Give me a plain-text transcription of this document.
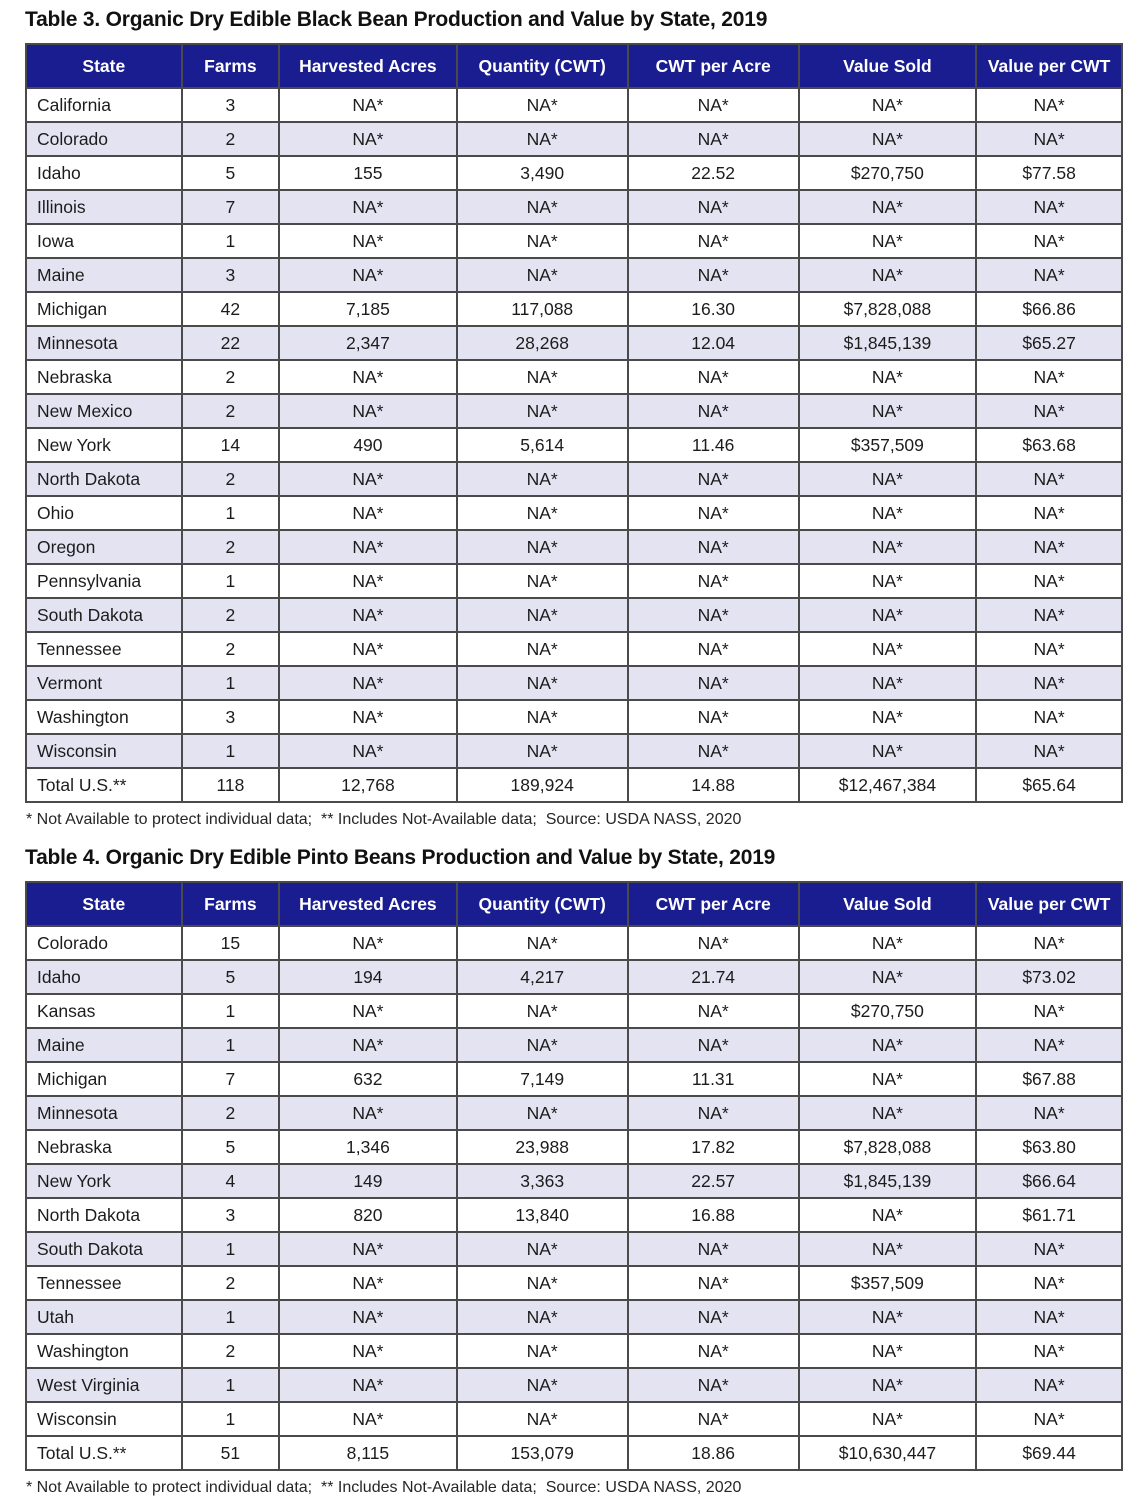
Table 3. Organic Dry Edible Black Bean Production and Value by State, 2019
State	Farms	Harvested Acres	Quantity (CWT)	CWT per Acre	Value Sold	Value per CWT
California	3	NA*	NA*	NA*	NA*	NA*
Colorado	2	NA*	NA*	NA*	NA*	NA*
Idaho	5	155	3,490	22.52	$270,750	$77.58
Illinois	7	NA*	NA*	NA*	NA*	NA*
Iowa	1	NA*	NA*	NA*	NA*	NA*
Maine	3	NA*	NA*	NA*	NA*	NA*
Michigan	42	7,185	117,088	16.30	$7,828,088	$66.86
Minnesota	22	2,347	28,268	12.04	$1,845,139	$65.27
Nebraska	2	NA*	NA*	NA*	NA*	NA*
New Mexico	2	NA*	NA*	NA*	NA*	NA*
New York	14	490	5,614	11.46	$357,509	$63.68
North Dakota	2	NA*	NA*	NA*	NA*	NA*
Ohio	1	NA*	NA*	NA*	NA*	NA*
Oregon	2	NA*	NA*	NA*	NA*	NA*
Pennsylvania	1	NA*	NA*	NA*	NA*	NA*
South Dakota	2	NA*	NA*	NA*	NA*	NA*
Tennessee	2	NA*	NA*	NA*	NA*	NA*
Vermont	1	NA*	NA*	NA*	NA*	NA*
Washington	3	NA*	NA*	NA*	NA*	NA*
Wisconsin	1	NA*	NA*	NA*	NA*	NA*
Total U.S.**	118	12,768	189,924	14.88	$12,467,384	$65.64

* Not Available to protect individual data;  ** Includes Not-Available data;  Source: USDA NASS, 2020

Table 4. Organic Dry Edible Pinto Beans Production and Value by State, 2019
State	Farms	Harvested Acres	Quantity (CWT)	CWT per Acre	Value Sold	Value per CWT
Colorado	15	NA*	NA*	NA*	NA*	NA*
Idaho	5	194	4,217	21.74	NA*	$73.02
Kansas	1	NA*	NA*	NA*	$270,750	NA*
Maine	1	NA*	NA*	NA*	NA*	NA*
Michigan	7	632	7,149	11.31	NA*	$67.88
Minnesota	2	NA*	NA*	NA*	NA*	NA*
Nebraska	5	1,346	23,988	17.82	$7,828,088	$63.80
New York	4	149	3,363	22.57	$1,845,139	$66.64
North Dakota	3	820	13,840	16.88	NA*	$61.71
South Dakota	1	NA*	NA*	NA*	NA*	NA*
Tennessee	2	NA*	NA*	NA*	$357,509	NA*
Utah	1	NA*	NA*	NA*	NA*	NA*
Washington	2	NA*	NA*	NA*	NA*	NA*
West Virginia	1	NA*	NA*	NA*	NA*	NA*
Wisconsin	1	NA*	NA*	NA*	NA*	NA*
Total U.S.**	51	8,115	153,079	18.86	$10,630,447	$69.44

* Not Available to protect individual data;  ** Includes Not-Available data;  Source: USDA NASS, 2020
